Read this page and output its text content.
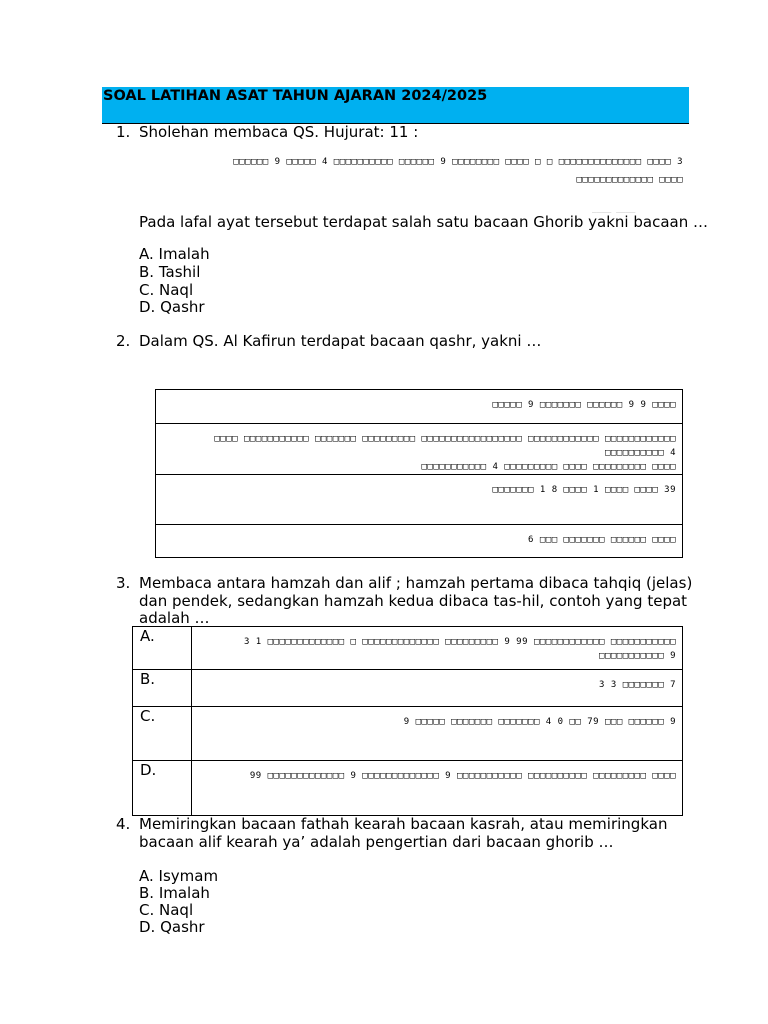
SOAL LATIHAN ASAT TAHUN AJARAN 2024/2025
1. Sholehan membaca QS. Hujurat: 11 :
□□□□□□ 9 □□□□□ 4 □□□□□□□□□□ □□□□□□ 9 □□□□□□□□ □□□□ □ □ □□□□□□□□□□□□□□ □□□□ 3
□□□□□□□□□□□□□ □□□□
____ ____
Pada lafal ayat tersebut terdapat salah satu bacaan Ghorib yakni bacaan …
A. Imalah
B. Tashil
C. Naql
D. Qashr
2. Dalam QS. Al Kafirun terdapat bacaan qashr, yakni …
□□□□□ 9 □□□□□□□ □□□□□□ 9 9 □□□□
□□□□ □□□□□□□□□□□ □□□□□□□ □□□□□□□□□ □□□□□□□□□□□□□□□□□ □□□□□□□□□□□□ □□□□□□□□□□□□ □□□□□□□□□□ 4
□□□□□□□□□□□ 4 □□□□□□□□□ □□□□ □□□□□□□□□ □□□□
□□□□□□□ 1 8 □□□□ 1 □□□□ □□□□ 39
6 □□□ □□□□□□□ □□□□□□ □□□□
3. Membaca antara hamzah dan alif ; hamzah pertama dibaca tahqiq (jelas) dan pendek, sedangkan hamzah kedua dibaca tas-hil, contoh yang tepat adalah …
A.	3 1 □□□□□□□□□□□□□ □ □□□□□□□□□□□□□ □□□□□□□□□ 9 99 □□□□□□□□□□□□ □□□□□□□□□□□
□□□□□□□□□□□ 9
B.	3 3 □□□□□□□ 7
C.	9 □□□□□ □□□□□□□ □□□□□□□ 4 0 □□ 79 □□□ □□□□□□ 9
D.	99 □□□□□□□□□□□□□ 9 □□□□□□□□□□□□□ 9 □□□□□□□□□□□ □□□□□□□□□□ □□□□□□□□□ □□□□
4. Memiringkan bacaan fathah kearah bacaan kasrah, atau memiringkan bacaan alif kearah ya’ adalah pengertian dari bacaan ghorib …
A. Isymam
B. Imalah
C. Naql
D. Qashr
